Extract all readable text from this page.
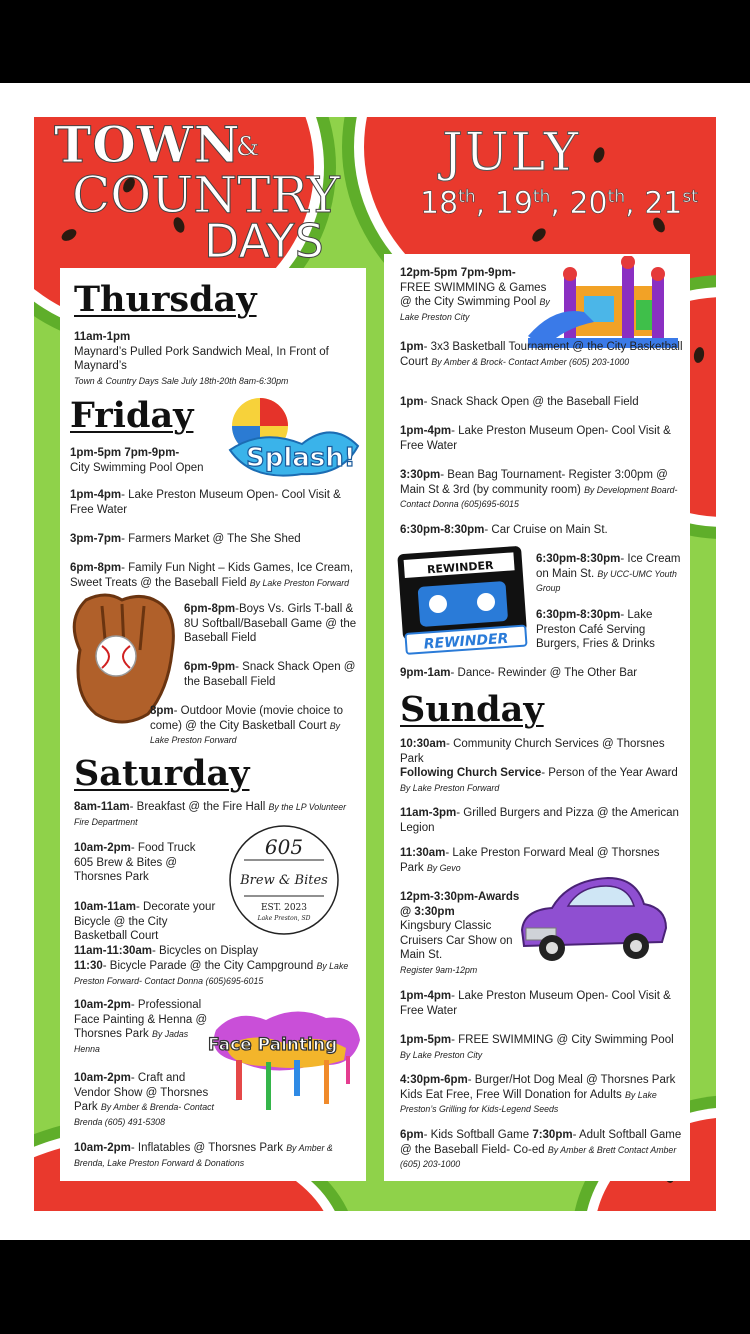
TOWN
&
COUNTRY
DAYS
JULY
18th, 19th, 20th, 21st
Thursday
11am-1pm
Maynard’s Pulled Pork Sandwich Meal, In Front of Maynard’s
Town & Country Days Sale July 18th-20th 8am-6:30pm
Friday
Splash!
1pm-5pm 7pm-9pm-
City Swimming Pool Open
1pm-4pm- Lake Preston Museum Open- Cool Visit & Free Water
3pm-7pm- Farmers Market @ The She Shed
6pm-8pm- Family Fun Night – Kids Games, Ice Cream, Sweet Treats @ the Baseball Field By Lake Preston Forward
6pm-8pm-Boys Vs. Girls T-ball & 8U Softball/Baseball Game @ the Baseball Field
6pm-9pm- Snack Shack Open @ the Baseball Field
8pm- Outdoor Movie (movie choice to come) @ the City Basketball Court By Lake Preston Forward
Saturday
8am-11am- Breakfast @ the Fire Hall By the LP Volunteer Fire Department
10am-2pm- Food Truck 605 Brew & Bites @ Thorsnes Park
605
Brew & Bites
EST. 2023
Lake Preston, SD
10am-11am- Decorate your Bicycle @ the City Basketball Court
11am-11:30am- Bicycles on Display
11:30- Bicycle Parade @ the City Campground By Lake Preston Forward- Contact Donna (605)695-6015
10am-2pm- Professional Face Painting & Henna @ Thorsnes Park By Jadas Henna	Face Painting
10am-2pm- Craft and Vendor Show @ Thorsnes Park By Amber & Brenda- Contact Brenda (605) 491-5308
10am-2pm- Inflatables @ Thorsnes Park By Amber & Brenda, Lake Preston Forward & Donations
12pm-5pm 7pm-9pm-
FREE SWIMMING & Games @ the City Swimming Pool By Lake Preston City
1pm- 3x3 Basketball Tournament @ the City Basketball Court By Amber & Brock- Contact Amber (605) 203-1000
1pm- Snack Shack Open @ the Baseball Field
1pm-4pm- Lake Preston Museum Open- Cool Visit & Free Water
3:30pm- Bean Bag Tournament- Register 3:00pm @ Main St & 3rd (by community room) By Development Board-Contact Donna (605)695-6015
6:30pm-8:30pm- Car Cruise on Main St.
REWINDER
REWINDER
6:30pm-8:30pm- Ice Cream on Main St. By UCC-UMC Youth Group
6:30pm-8:30pm- Lake Preston Café Serving Burgers, Fries & Drinks
9pm-1am- Dance- Rewinder @ The Other Bar
Sunday
10:30am- Community Church Services @ Thorsnes Park
Following Church Service- Person of the Year Award
By Lake Preston Forward
11am-3pm- Grilled Burgers and Pizza @ the American Legion
11:30am- Lake Preston Forward Meal @ Thorsnes Park By Gevo
12pm-3:30pm-Awards @ 3:30pm
Kingsbury Classic Cruisers Car Show on Main St.
Register 9am-12pm
1pm-4pm- Lake Preston Museum Open- Cool Visit & Free Water
1pm-5pm- FREE SWIMMING @ City Swimming Pool
By Lake Preston City
4:30pm-6pm- Burger/Hot Dog Meal @ Thorsnes Park Kids Eat Free, Free Will Donation for Adults By Lake Preston’s Grilling for Kids-Legend Seeds
6pm- Kids Softball Game 7:30pm- Adult Softball Game @ the Baseball Field- Co-ed By Amber & Brett Contact Amber (605) 203-1000
